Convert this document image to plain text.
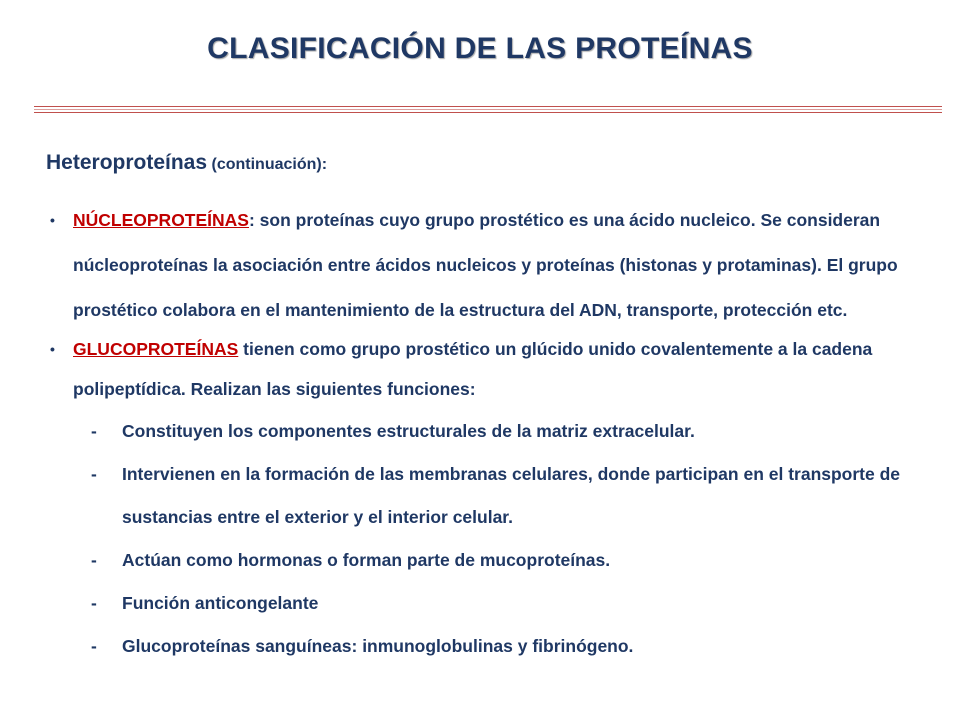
CLASIFICACIÓN DE LAS PROTEÍNAS
Heteroproteínas (continuación):
• NÚCLEOPROTEÍNAS: son proteínas cuyo grupo prostético es una ácido nucleico. Se consideran núcleoproteínas la asociación entre ácidos nucleicos y proteínas (histonas y protaminas). El grupo prostético colabora en el mantenimiento de la estructura del ADN, transporte, protección etc.
• GLUCOPROTEÍNAS tienen como grupo prostético un glúcido unido covalentemente a la cadena polipeptídica. Realizan las siguientes funciones:
- Constituyen los componentes estructurales de la matriz extracelular.
- Intervienen en la formación de las membranas celulares, donde participan en el transporte de sustancias entre el exterior y el interior celular.
- Actúan como hormonas o forman parte de mucoproteínas.
- Función anticongelante
- Glucoproteínas sanguíneas: inmunoglobulinas y fibrinógeno.
